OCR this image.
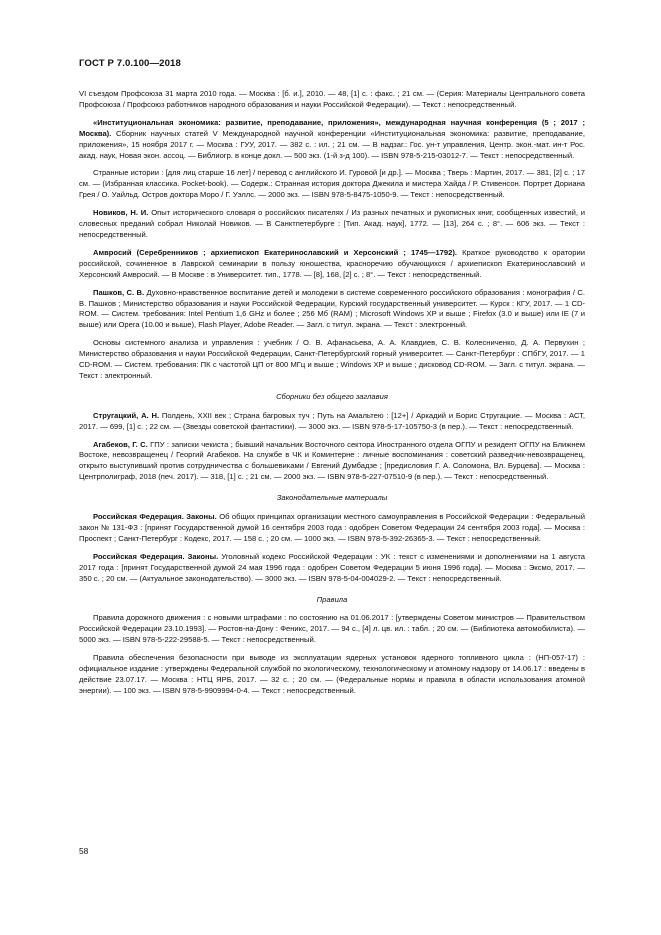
ГОСТ Р 7.0.100—2018

VI съездом Профсоюза 31 марта 2010 года. — Москва : [б. и.], 2010. — 48, [1] с. : факс. ; 21 см. — (Серия: Материалы Центрального совета Профсоюза / Профсоюз работников народного образования и науки Российской Федерации). — Текст : непосредственный.

«Институциональная экономика: развитие, преподавание, приложения», международная научная конференция (5 ; 2017 ; Москва). Сборник научных статей V Международной научной конференции «Институциональная экономика: развитие, преподавание, приложения», 15 ноября 2017 г. — Москва : ГУУ, 2017. — 382 с. : ил. ; 21 см. — В надзаг.: Гос. ун-т управления, Центр. экон.-мат. ин-т Рос. акад. наук, Новая экон. ассоц. — Библиогр. в конце докл. — 500 экз. (1-й з-д 100). — ISBN 978-5-215-03012-7. — Текст : непосредственный.

Странные истории : [для лиц старше 16 лет] / перевод с английского И. Гуровой [и др.]. — Москва ; Тверь : Мартин, 2017. — 381, [2] с. ; 17 см. — (Избранная классика. Pocket-book). — Содерж.: Странная история доктора Джекила и мистера Хайда / Р. Стивенсон. Портрет Дориана Грея / О. Уайльд. Остров доктора Моро / Г. Уэллс. — 2000 экз. — ISBN 978-5-8475-1050-9. — Текст : непосредственный.

Новиков, Н. И. Опыт исторического словаря о российских писателях / Из разных печатных и рукописных книг, сообщенных известий, и словесных преданий собрал Николай Новиков. — В Санктпетербурге : [Тип. Акад. наук], 1772. — [13], 264 с. ; 8°. — 606 экз. — Текст : непосредственный.

Амвросий (Серебренников ; архиепископ Екатеринославский и Херсонский ; 1745—1792). Краткое руководство к оратории российской, сочиненное в Лаврской семинарии в пользу юношества, красноречию обучающихся / архиепископ Екатеринославский и Херсонский Амвросий. — В Москве : в Университет. тип., 1778. — [8], 168, [2] с. ; 8°. — Текст : непосредственный.

Пашков, С. В. Духовно-нравственное воспитание детей и молодежи в системе современного российского образования : монография / С. В. Пашков ; Министерство образования и науки Российской Федерации, Курский государственный университет. — Курск : КГУ, 2017. — 1 CD-ROM. — Систем. требования: Intel Pentium 1,6 GHz и более ; 256 Мб (RAM) ; Microsoft Windows XP и выше ; Firefox (3.0 и выше) или IE (7 и выше) или Opera (10.00 и выше), Flash Player, Adobe Reader. — Загл. с титул. экрана. — Текст : электронный.

Основы системного анализа и управления : учебник / О. В. Афанасьева, А. А. Клавдиев, С. В. Колесниченко, Д. А. Первухин ; Министерство образования и науки Российской Федерации, Санкт-Петербургский горный университет. — Санкт-Петербург : СПбГУ, 2017. — 1 CD-ROM. — Систем. требования: ПК с частотой ЦП от 800 МГц и выше ; Windows XP и выше ; дисковод CD-ROM. — Загл. с титул. экрана. — Текст : электронный.

Сборники без общего заглавия

Стругацкий, А. Н. Полдень, XXII век ; Страна багровых туч ; Путь на Амальтею : [12+] / Аркадий и Борис Стругацкие. — Москва : АСТ, 2017. — 699, [1] с. ; 22 см. — (Звезды советской фантастики). — 3000 экз. — ISBN 978-5-17-105750-3 (в пер.). — Текст : непосредственный.

Агабеков, Г. С. ГПУ : записки чекиста ; бывший начальник Восточного сектора Иностранного отдела ОГПУ и резидент ОГПУ на Ближнем Востоке, невозвращенец / Георгий Агабеков. На службе в ЧК и Коминтерне : личные воспоминания : советский разведчик-невозвращенец, открыто выступивший против сотрудничества с большевиками / Евгений Думбадзе ; [предисловия Г. А. Соломона, Вл. Бурцева]. — Москва : Центрполиграф, 2018 (печ. 2017). — 318, [1] с. ; 21 см. — 2000 экз. — ISBN 978-5-227-07510-9 (в пер.). — Текст : непосредственный.

Законодательные материалы

Российская Федерация. Законы. Об общих принципах организации местного самоуправления в Российской Федерации : Федеральный закон № 131-ФЗ : [принят Государственной думой 16 сентября 2003 года : одобрен Советом Федерации 24 сентября 2003 года]. — Москва : Проспект ; Санкт-Петербург : Кодекс, 2017. — 158 с. ; 20 см. — 1000 экз. — ISBN 978-5-392-26365-3. — Текст : непосредственный.

Российская Федерация. Законы. Уголовный кодекс Российской Федерации : УК : текст с изменениями и дополнениями на 1 августа 2017 года : [принят Государственной думой 24 мая 1996 года : одобрен Советом Федерации 5 июня 1996 года]. — Москва : Эксмо, 2017. — 350 с. ; 20 см. — (Актуальное законодательство). — 3000 экз. — ISBN 978-5-04-004029-2. — Текст : непосредственный.

Правила

Правила дорожного движения : с новыми штрафами : по состоянию на 01.06.2017 : [утверждены Советом министров — Правительством Российской Федерации 23.10.1993]. — Ростов-на-Дону : Феникс, 2017. — 94 с., [4] л. цв. ил. : табл. ; 20 см. — (Библиотека автомобилиста). — 5000 экз. — ISBN 978-5-222-29588-5. — Текст : непосредственный.

Правила обеспечения безопасности при выводе из эксплуатации ядерных установок ядерного топливного цикла : (НП-057-17) : официальное издание : утверждены Федеральной службой по экологическому, технологическому и атомному надзору от 14.06.17 : введены в действие 23.07.17. — Москва : НТЦ ЯРБ, 2017. — 32 с. ; 20 см. — (Федеральные нормы и правила в области использования атомной энергии). — 100 экз. — ISBN 978-5-9909994-0-4. — Текст : непосредственный.

58
